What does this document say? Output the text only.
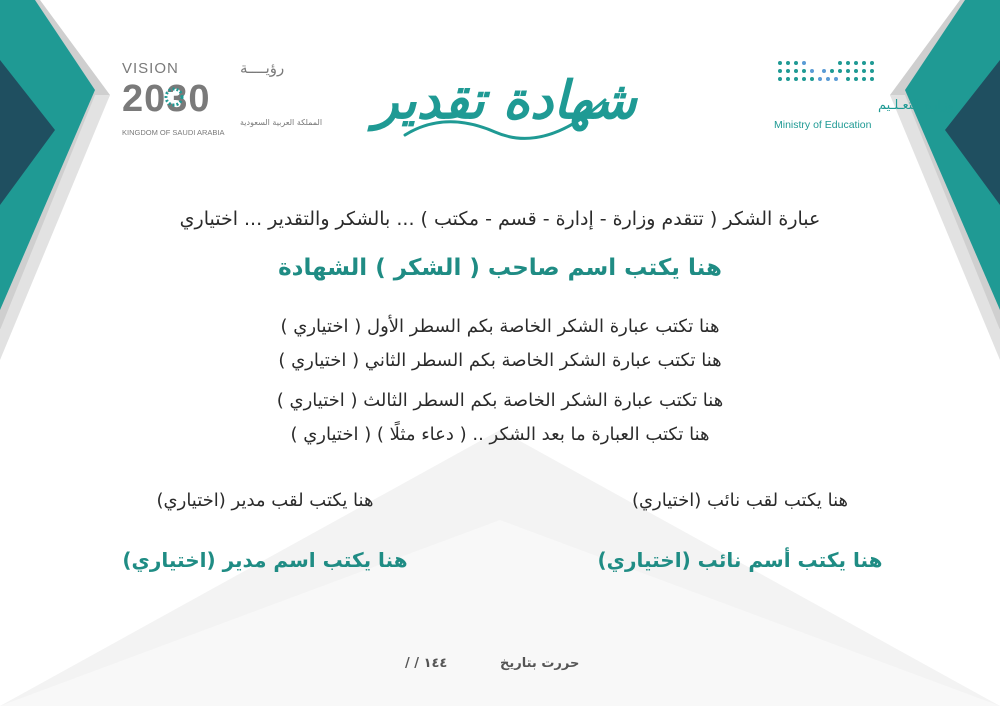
VISION	رؤيــــة
2030
المملكة العربية السعودية
KINGDOM OF SAUDI ARABIA
وزارة التعـلـيم
Ministry of Education
شهادة تقدير
عبارة الشكر ( تتقدم وزارة - إدارة - قسم - مكتب ) ... بالشكر والتقدير ... اختياري
هنا يكتب اسم صاحب ( الشكر ) الشهادة
هنا تكتب عبارة الشكر الخاصة بكم السطر الأول ( اختياري )
هنا تكتب عبارة الشكر الخاصة بكم السطر الثاني ( اختياري )
هنا تكتب عبارة الشكر الخاصة بكم السطر الثالث ( اختياري )
هنا تكتب العبارة ما بعد الشكر .. ( دعاء مثلًا ) ( اختياري )
هنا يكتب لقب نائب (اختياري)
هنا يكتب أسم نائب (اختياري)
هنا يكتب لقب مدير (اختياري)
هنا يكتب اسم مدير (اختياري)
حررت بتاريخ
/ / ١٤٤
